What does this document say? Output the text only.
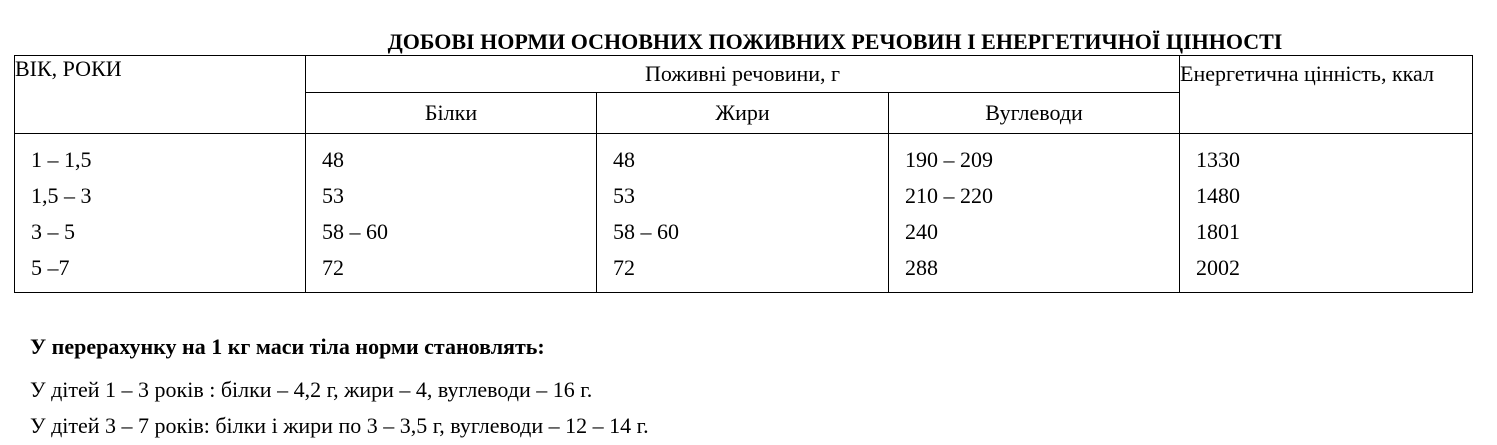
ДОБОВІ НОРМИ ОСНОВНИХ ПОЖИВНИХ РЕЧОВИН І ЕНЕРГЕТИЧНОЇ ЦІННОСТІ
ВІК, РОКИ	Поживні речовини, г			Енергетична цінність, ккал
	Білки	Жири	Вуглеводи	
1 – 1,5	48	48	190 – 209	1330
1,5 – 3	53	53	210 – 220	1480
3 – 5	58 – 60	58 – 60	240	1801
5 –7	72	72	288	2002
У перерахунку на 1 кг маси тіла норми становлять:
У дітей 1 – 3 років : білки – 4,2 г, жири – 4, вуглеводи – 16 г.
У дітей 3 – 7 років: білки і жири по 3 – 3,5 г, вуглеводи – 12 – 14 г.
